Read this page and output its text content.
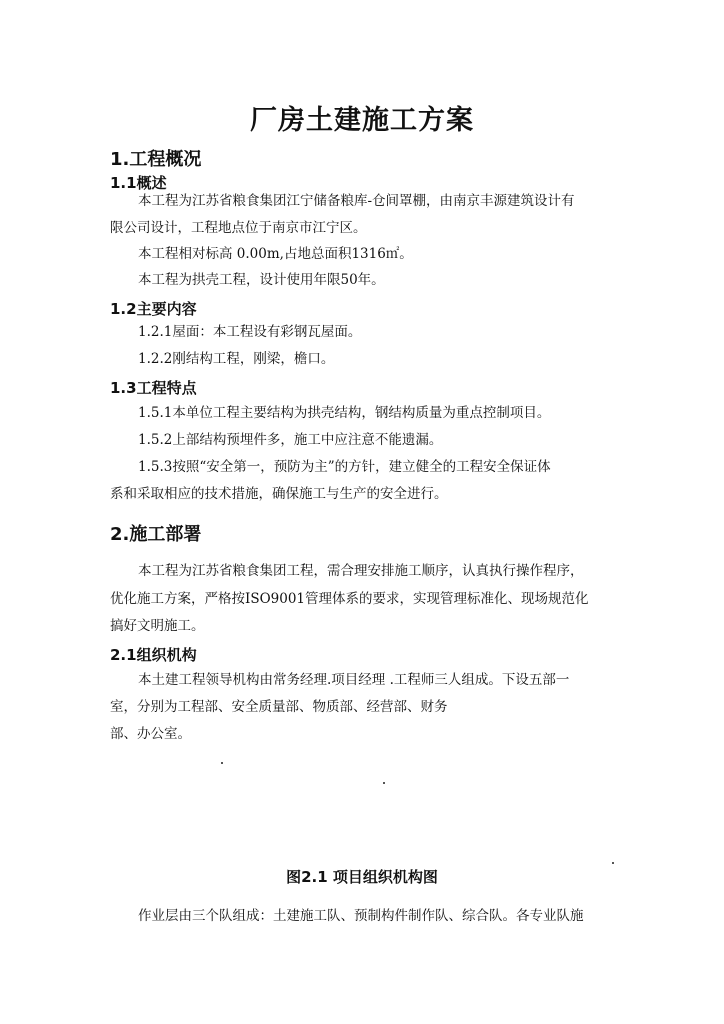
厂房土建施工方案
1.工程概况
1.1概述
本工程为江苏省粮食集团江宁储备粮库-仓间罩棚，由南京丰源建筑设计有
限公司设计，工程地点位于南京市江宁区。
本工程相对标高 0.00m,占地总面积1316㎡。
本工程为拱壳工程，设计使用年限50年。
1.2主要内容
1.2.1屋面：本工程设有彩钢瓦屋面。
1.2.2刚结构工程，刚梁，檐口。
1.3工程特点
1.5.1本单位工程主要结构为拱壳结构，钢结构质量为重点控制项目。
1.5.2上部结构预埋件多，施工中应注意不能遗漏。
1.5.3按照“安全第一，预防为主”的方针，建立健全的工程安全保证体
系和采取相应的技术措施，确保施工与生产的安全进行。
2.施工部署
本工程为江苏省粮食集团工程，需合理安排施工顺序，认真执行操作程序，
优化施工方案，严格按ISO9001管理体系的要求，实现管理标准化、现场规范化
搞好文明施工。
2.1组织机构
本土建工程领导机构由常务经理.项目经理 .工程师三人组成。下设五部一
室，分别为工程部、安全质量部、物质部、经营部、财务
部、办公室。
图2.1 项目组织机构图
作业层由三个队组成：土建施工队、预制构件制作队、综合队。各专业队施
